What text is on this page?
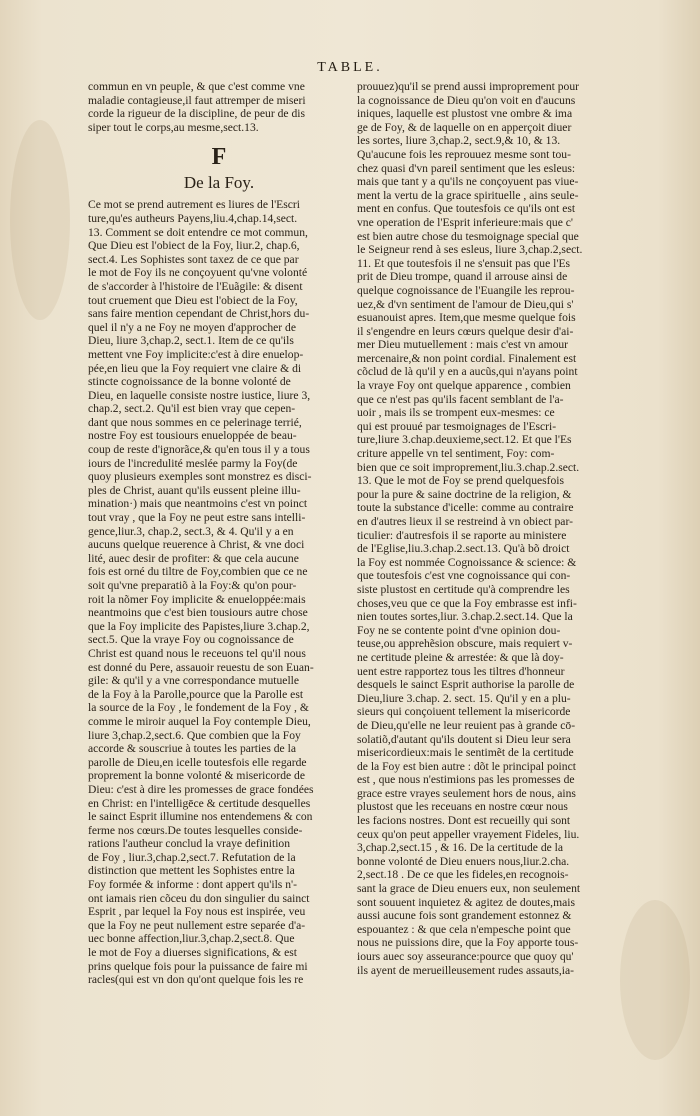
TABLE.
commun en vn peuple, & que c'est comme vne
maladie contagieuse,il faut attremper de miseri
corde la rigueur de la discipline, de peur de dis
siper tout le corps,au mesme,sect.13.
F
De la Foy.
Ce mot se prend autrement es liures de l'Escri
ture,qu'es autheurs Payens,liu.4,chap.14,sect.
13. Comment se doit entendre ce mot commun,
Que Dieu est l'obiect de la Foy, liur.2, chap.6,
sect.4. Les Sophistes sont taxez de ce que par
le mot de Foy ils ne conçoyuent qu'vne volonté
de s'accorder à l'histoire de l'Euãgile: & disent
tout cruement que Dieu est l'obiect de la Foy,
sans faire mention cependant de Christ,hors du-
quel il n'y a ne Foy ne moyen d'approcher de
Dieu, liure 3,chap.2, sect.1. Item de ce qu'ils
mettent vne Foy implicite:c'est à dire enuelop-
pée,en lieu que la Foy requiert vne claire & di
stincte cognoissance de la bonne volonté de
Dieu, en laquelle consiste nostre iustice, liure 3,
chap.2, sect.2. Qu'il est bien vray que cepen-
dant que nous sommes en ce pelerinage terrié,
nostre Foy est tousiours enueloppée de beau-
coup de reste d'ignorãce,& qu'en tous il y a tous
iours de l'incredulité meslée parmy la Foy(de
quoy plusieurs exemples sont monstrez es disci-
ples de Christ, auant qu'ils eussent pleine illu-
mination·) mais que neantmoins c'est vn poinct
tout vray , que la Foy ne peut estre sans intelli-
gence,liur.3, chap.2, sect.3, & 4. Qu'il y a en
aucuns quelque reuerence à Christ, & vne doci
lité, auec desir de profiter: & que cela aucune
fois est orné du tiltre de Foy,combien que ce ne
soit qu'vne preparatiõ à la Foy:& qu'on pour-
roit la nõmer Foy implicite & enueloppée:mais
neantmoins que c'est bien tousiours autre chose
que la Foy implicite des Papistes,liure 3.chap.2,
sect.5. Que la vraye Foy ou cognoissance de
Christ est quand nous le receuons tel qu'il nous
est donné du Pere, assauoir reuestu de son Euan-
gile: & qu'il y a vne correspondance mutuelle
de la Foy à la Parolle,pource que la Parolle est
la source de la Foy , le fondement de la Foy , &
comme le miroir auquel la Foy contemple Dieu,
liure 3,chap.2,sect.6. Que combien que la Foy
accorde & souscriue à toutes les parties de la
parolle de Dieu,en icelle toutesfois elle regarde
proprement la bonne volonté & misericorde de
Dieu: c'est à dire les promesses de grace fondées
en Christ: en l'intelligēce & certitude desquelles
le sainct Esprit illumine nos entendemens & con
ferme nos cœurs.De toutes lesquelles conside-
rations l'autheur conclud la vraye definition
de Foy , liur.3,chap.2,sect.7. Refutation de la
distinction que mettent les Sophistes entre la
Foy formée & informe : dont appert qu'ils n'-
ont iamais rien cõceu du don singulier du sainct
Esprit , par lequel la Foy nous est inspirée, veu
que la Foy ne peut nullement estre separée d'a-
uec bonne affection,liur.3,chap.2,sect.8. Que
le mot de Foy a diuerses significations, & est
prins quelque fois pour la puissance de faire mi
racles(qui est vn don qu'ont quelque fois les re
prouuez)qu'il se prend aussi improprement pour
la cognoissance de Dieu qu'on voit en d'aucuns
iniques, laquelle est plustost vne ombre & ima
ge de Foy, & de laquelle on en apperçoit diuer
les sortes, liure 3,chap.2, sect.9,& 10, & 13.
Qu'aucune fois les reprouuez mesme sont tou-
chez quasi d'vn pareil sentiment que les esleus:
mais que tant y a qu'ils ne conçoyuent pas viue-
ment la vertu de la grace spirituelle , ains seule-
ment en confus. Que toutesfois ce qu'ils ont est
vne operation de l'Esprit inferieure:mais que c'
est bien autre chose du tesmoignage special que
le Seigneur rend à ses esleus, liure 3,chap.2,sect.
11. Et que toutesfois il ne s'ensuit pas que l'Es
prit de Dieu trompe, quand il arrouse ainsi de
quelque cognoissance de l'Euangile les reprou-
uez,& d'vn sentiment de l'amour de Dieu,qui s'
esuanouist apres. Item,que mesme quelque fois
il s'engendre en leurs cœurs quelque desir d'ai-
mer Dieu mutuellement : mais c'est vn amour
mercenaire,& non point cordial. Finalement est
cõclud de là qu'il y en a aucũs,qui n'ayans point
la vraye Foy ont quelque apparence , combien
que ce n'est pas qu'ils facent semblant de l'a-
uoir , mais ils se trompent eux-mesmes: ce
qui est prouué par tesmoignages de l'Escri-
ture,liure 3.chap.deuxieme,sect.12. Et que l'Es
criture appelle vn tel sentiment, Foy: com-
bien que ce soit improprement,liu.3.chap.2.sect.
13. Que le mot de Foy se prend quelquesfois
pour la pure & saine doctrine de la religion, &
toute la substance d'icelle: comme au contraire
en d'autres lieux il se restreind à vn obiect par-
ticulier: d'autresfois il se raporte au ministere
de l'Eglise,liu.3.chap.2.sect.13. Qu'à bõ droict
la Foy est nommée Cognoissance & science: &
que toutesfois c'est vne cognoissance qui con-
siste plustost en certitude qu'à comprendre les
choses,veu que ce que la Foy embrasse est infi-
nien toutes sortes,liur. 3.chap.2.sect.14. Que la
Foy ne se contente point d'vne opinion dou-
teuse,ou apprehẽsion obscure, mais requiert v-
ne certitude pleine & arrestée: & que là doy-
uent estre rapportez tous les tiltres d'honneur
desquels le sainct Esprit authorise la parolle de
Dieu,liure 3.chap. 2. sect. 15. Qu'il y en a plu-
sieurs qui conçoiuent tellement la misericorde
de Dieu,qu'elle ne leur reuient pas à grande cō-
solatiõ,d'autant qu'ils doutent si Dieu leur sera
misericordieux:mais le sentimẽt de la certitude
de la Foy est bien autre : dõt le principal poinct
est , que nous n'estimions pas les promesses de
grace estre vrayes seulement hors de nous, ains
plustost que les receuans en nostre cœur nous
les facions nostres. Dont est recueilly qui sont
ceux qu'on peut appeller vrayement Fideles, liu.
3,chap.2,sect.15 , & 16. De la certitude de la
bonne volonté de Dieu enuers nous,liur.2.cha.
2,sect.18 . De ce que les fideles,en recognois-
sant la grace de Dieu enuers eux, non seulement
sont souuent inquietez & agitez de doutes,mais
aussi aucune fois sont grandement estonnez &
espouantez : & que cela n'empesche point que
nous ne puissions dire, que la Foy apporte tous-
iours auec soy asseurance:pource que quoy qu'
ils ayent de merueilleusement rudes assauts,ia-
